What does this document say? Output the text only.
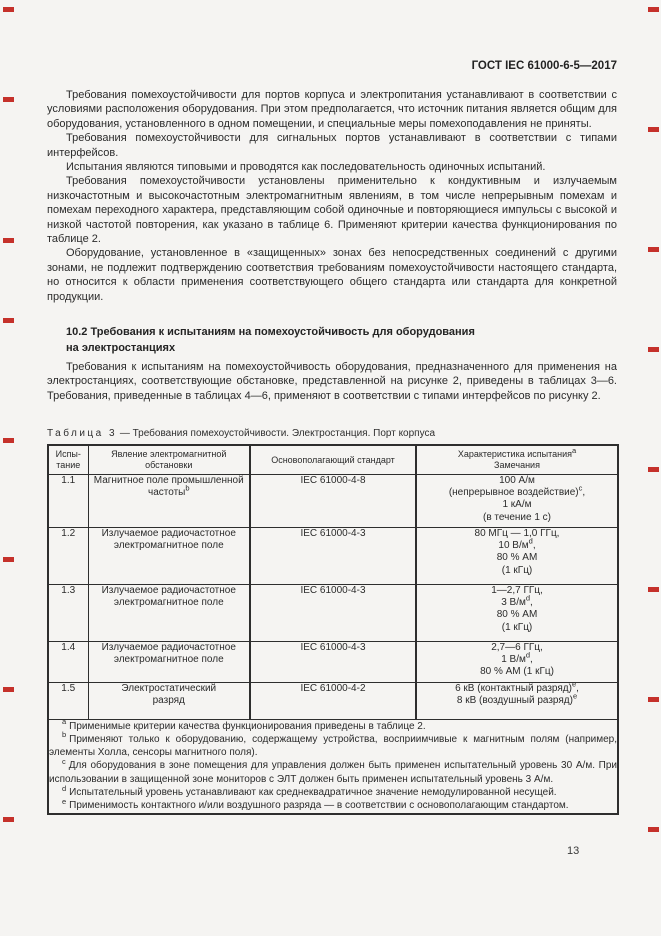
ГОСТ IEC 61000-6-5—2017

Требования помехоустойчивости для портов корпуса и электропитания устанавливают в соответствии с условиями расположения оборудования. При этом предполагается, что источник питания является общим для оборудования, установленного в одном помещении, и специальные меры помехоподавления не приняты.

Требования помехоустойчивости для сигнальных портов устанавливают в соответствии с типами интерфейсов.

Испытания являются типовыми и проводятся как последовательность одиночных испытаний.

Требования помехоустойчивости установлены применительно к кондуктивным и излучаемым низкочастотным и высокочастотным электромагнитным явлениям, в том числе непрерывным помехам и помехам переходного характера, представляющим собой одиночные и повторяющиеся импульсы с высокой и низкой частотой повторения, как указано в таблице 6. Применяют критерии качества функционирования по таблице 2.

Оборудование, установленное в «защищенных» зонах без непосредственных соединений с другими зонами, не подлежит подтверждению соответствия требованиям помехоустойчивости настоящего стандарта, но относится к области применения соответствующего общего стандарта или стандарта для конкретной продукции.

10.2 Требования к испытаниям на помехоустойчивость для оборудования
на электростанциях

Требования к испытаниям на помехоустойчивость оборудования, предназначенного для применения на электростанциях, соответствующие обстановке, представленной на рисунке 2, приведены в таблицах 3—6. Требования, приведенные в таблицах 4—6, применяют в соответствии с типами интерфейсов по рисунку 2.

Таблица 3 — Требования помехоустойчивости. Электростанция. Порт корпуса
Испы-
тание	Явление электромагнитной обстановки	Основополагающий стандарт	Характеристика испытания$^a$
Замечания
1.1	Магнитное поле промышленной
частоты$^b$	IEC 61000-4-8	100 А/м
(непрерывное воздействие)$^c$,
1 кА/м
(в течение 1 с)

1.2	Излучаемое радиочастотное
электромагнитное поле	IEC 61000-4-3	80 МГц — 1,0 ГГц,
10 $В/м^d$,
80 % АМ
(1 кГц)

1.3	Излучаемое радиочастотное
электромагнитное поле	IEC 61000-4-3	1—2,7 ГГц,
3 $В/м^d$,
80 % АМ
(1 кГц)

1.4	Излучаемое радиочастотное
электромагнитное поле	IEC 61000-4-3	2,7—6 ГГц,
1 $В/м^d$,
80 % АМ (1 кГц)

1.5	Электростатический
разряд	IEC 61000-4-2	6 кВ (контактный разряд)$^e$,
8 кВ (воздушный разряд)$^e$

$^a$ Применимые критерии качества функционирования приведены в таблице 2.

$^b$ Применяют только к оборудованию, содержащему устройства, восприимчивые к магнитным полям (например, элементы Холла, сенсоры магнитного поля).

$^c$ Для оборудования в зоне помещения для управления должен быть применен испытательный уровень 30 А/м. При использовании в защищенной зоне мониторов с ЭЛТ должен быть применен испытательный уровень 3 А/м.

$^d$ Испытательный уровень устанавливают как среднеквадратичное значение немодулированной несущей.

$^e$ Применимость контактного и/или воздушного разряда — в соответствии с основополагающим стандартом.			

13
